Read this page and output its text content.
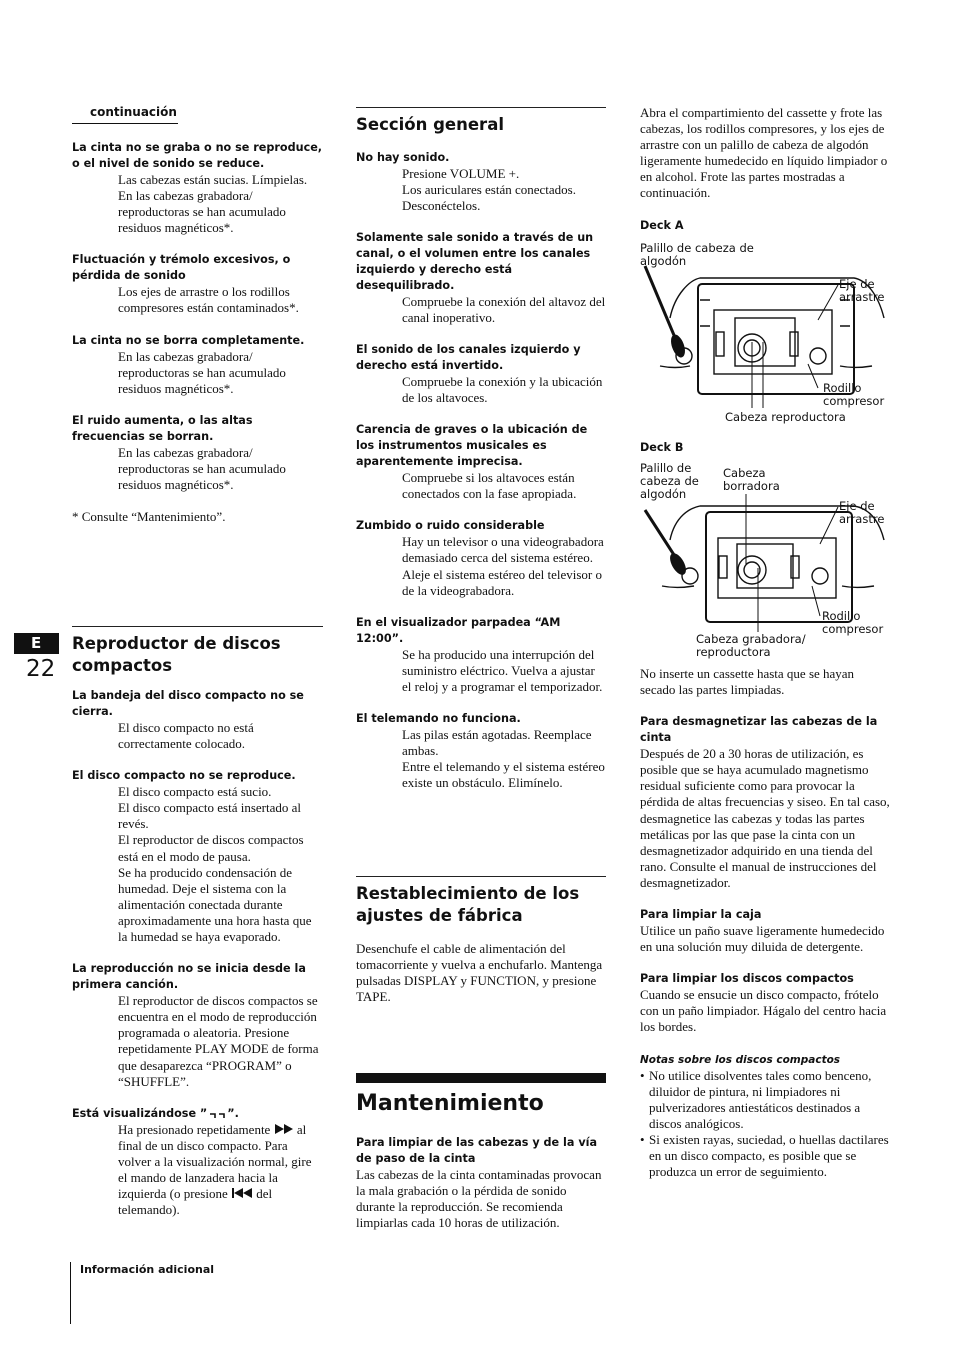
E
22
Información adicional
continuación

La cinta no se graba o no se reproduce, o el nivel de sonido se reduce.

Las cabezas están sucias. Límpielas.

En las cabezas grabadora/ reproductoras se han acumulado residuos magnéticos*.

Fluctuación y trémolo excesivos, o pérdida de sonido

Los ejes de arrastre o los rodillos compresores están contaminados*.

La cinta no se borra completamente.

En las cabezas grabadora/ reproductoras se han acumulado residuos magnéticos*.

El ruido aumenta, o las altas frecuencias se borran.

En las cabezas grabadora/ reproductoras se han acumulado residuos magnéticos*.

* Consulte “Mantenimiento”.

Reproductor de discos compactos

La bandeja del disco compacto no se cierra.

El disco compacto no está correctamente colocado.

El disco compacto no se reproduce.

El disco compacto está sucio.

El disco compacto está insertado al revés.

El reproductor de discos compactos está en el modo de pausa.

Se ha producido condensación de humedad. Deje el sistema con la alimentación conectada durante aproximadamente una hora hasta que la humedad se haya evaporado.

La reproducción no se inicia desde la primera canción.

El reproductor de discos compactos se encuentra en el modo de reproducción programada o aleatoria. Presione repetidamente PLAY MODE de forma que desaparezca “PROGRAM” o “SHUFFLE”.

Está visualizándose ” ”.

Ha presionado repetidamente al final de un disco compacto. Para volver a la visualización normal, gire el mando de lanzadera hacia la izquierda (o presione del telemando).

Sección general

No hay sonido.

Presione VOLUME +.

Los auriculares están conectados. Desconéctelos.

Solamente sale sonido a través de un canal, o el volumen entre los canales izquierdo y derecho está desequilibrado.

Compruebe la conexión del altavoz del canal inoperativo.

El sonido de los canales izquierdo y derecho está invertido.

Compruebe la conexión y la ubicación de los altavoces.

Carencia de graves o la ubicación de los instrumentos musicales es aparentemente imprecisa.

Compruebe si los altavoces están conectados con la fase apropiada.

Zumbido o ruido considerable

Hay un televisor o una videograbadora demasiado cerca del sistema estéreo. Aleje el sistema estéreo del televisor o de la videograbadora.

En el visualizador parpadea “AM 12:00”.

Se ha producido una interrupción del suministro eléctrico. Vuelva a ajustar el reloj y a programar el temporizador.

El telemando no funciona.

Las pilas están agotadas. Reemplace ambas.

Entre el telemando y el sistema estéreo existe un obstáculo. Elimínelo.

Restablecimiento de los ajustes de fábrica

Desenchufe el cable de alimentación del tomacorriente y vuelva a enchufarlo. Mantenga pulsadas DISPLAY y FUNCTION, y presione TAPE.

Mantenimiento

Para limpiar de las cabezas y de la vía de paso de la cinta

Las cabezas de la cinta contaminadas provocan la mala grabación o la pérdida de sonido durante la reproducción. Se recomienda limpiarlas cada 10 horas de utilización.

Abra el compartimiento del cassette y frote las cabezas, los rodillos compresores, y los ejes de arrastre con un palillo de cabeza de algodón ligeramente humedecido en líquido limpiador o en alcohol. Frote las partes mostradas a continuación.

Deck A

Palillo de cabeza de algodón
Eje de arrastre
Rodillo compresor
Cabeza reproductora

Deck B

Palillo de cabeza de algodón
Cabeza borradora
Eje de arrastre
Rodillo compresor
Cabeza grabadora/ reproductora

No inserte un cassette hasta que se hayan secado las partes limpiadas.

Para desmagnetizar las cabezas de la cinta

Después de 20 a 30 horas de utilización, es posible que se haya acumulado magnetismo residual suficiente como para provocar la pérdida de altas frecuencias y siseo. En tal caso, desmagnetice las cabezas y todas las partes metálicas por las que pase la cinta con un desmagnetizador adquirido en una tienda del rano. Consulte el manual de instrucciones del desmagnetizador.

Para limpiar la caja

Utilice un paño suave ligeramente humedecido en una solución muy diluida de detergente.

Para limpiar los discos compactos

Cuando se ensucie un disco compacto, frótelo con un paño limpiador. Hágalo del centro hacia los bordes.

Notas sobre los discos compactos

• No utilice disolventes tales como benceno, diluidor de pintura, ni limpiadores ni pulverizadores antiestáticos destinados a discos analógicos.

• Si existen rayas, suciedad, o huellas dactilares en un disco compacto, es posible que se produzca un error de seguimiento.
